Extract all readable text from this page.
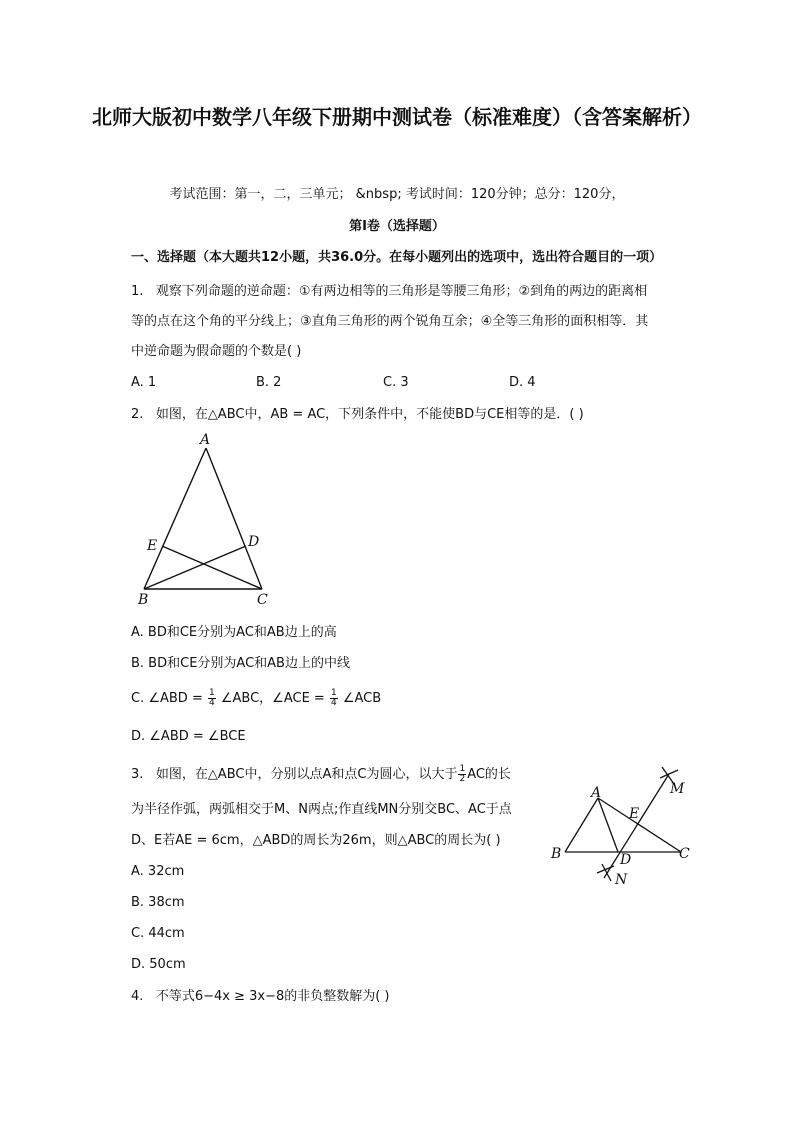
北师大版初中数学八年级下册期中测试卷（标准难度）（含答案解析）
考试范围：第一，二，三单元； &nbsp; 考试时间：120分钟；总分：120分，
第I卷（选择题）
一、选择题（本大题共12小题，共36.0分。在每小题列出的选项中，选出符合题目的一项）
1. 观察下列命题的逆命题：①有两边相等的三角形是等腰三角形；②到角的两边的距离相
等的点在这个角的平分线上；③直角三角形的两个锐角互余；④全等三角形的面积相等．其
中逆命题为假命题的个数是( )
A. 1	B. 2	C. 3	D. 4
2. 如图，在△ABC中，AB = AC，下列条件中，不能使BD与CE相等的是．( )
A
B	C
D
E
A. BD和CE分别为AC和AB边上的高
B. BD和CE分别为AC和AB边上的中线
C. ∠ABD = $\frac{1}{4}$ ∠ABC，∠ACE = $\frac{1}{4}$ ∠ACB
D. ∠ABD = ∠BCE
3. 如图，在△ABC中，分别以点A和点C为圆心，以大于 $\frac{1}{2}$ AC的长
为半径作弧，两弧相交于M、N两点;作直线MN分别交BC、AC于点
D、E若AE = 6cm，△ABD的周长为26m，则△ABC的周长为( )
A
B	C
D
E
M
N
A. 32cm
B. 38cm
C. 44cm
D. 50cm
4. 不等式6−4x ≥ 3x−8的非负整数解为( )
